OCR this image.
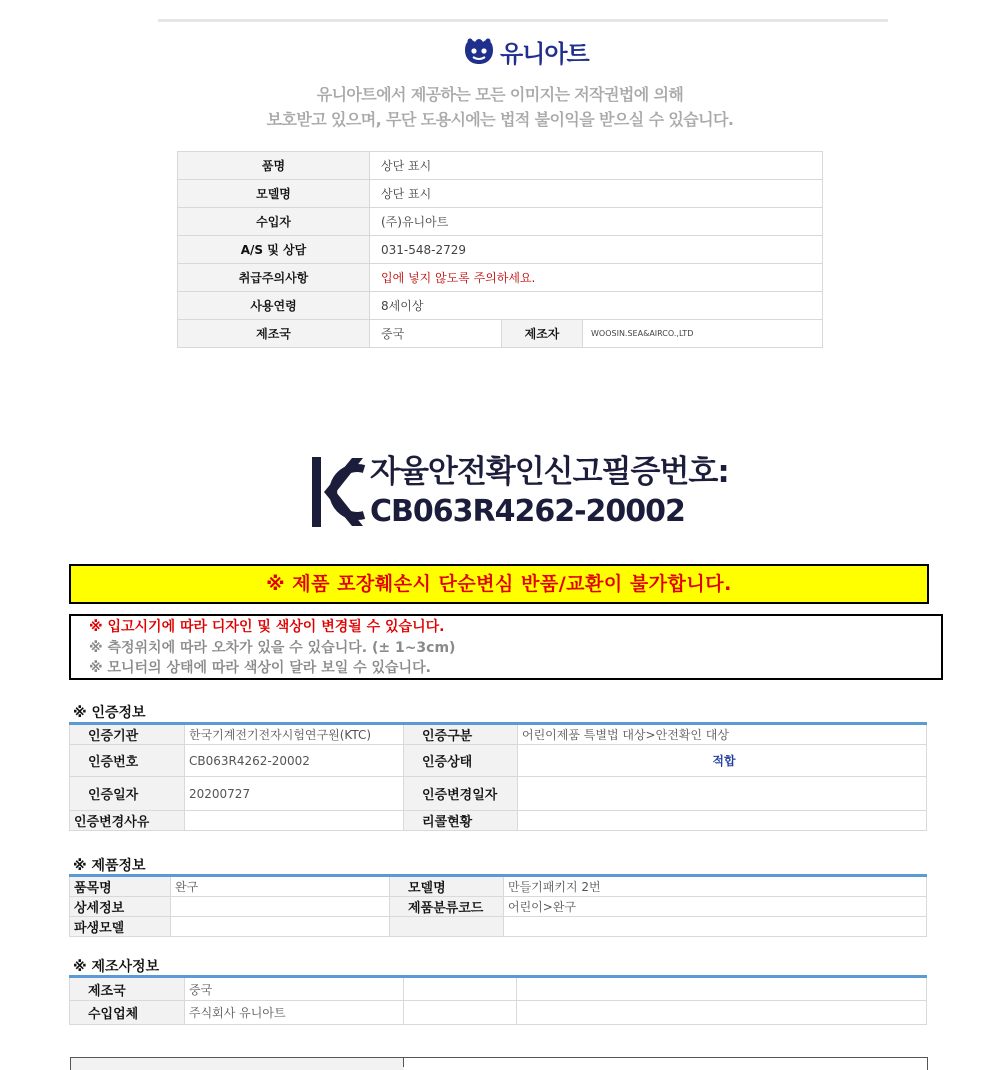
유니아트
유니아트에서 제공하는 모든 이미지는 저작권법에 의해
보호받고 있으며, 무단 도용시에는 법적 불이익을 받으실 수 있습니다.
품명	상단 표시		
모델명	상단 표시		
수입자	(주)유니아트		
A/S 및 상담	031-548-2729		
취급주의사항	입에 넣지 않도록 주의하세요.		
사용연령	8세이상		
제조국	중국	제조자	WOOSIN.SEA&AIRCO.,LTD
자율안전확인신고필증번호:
CB063R4262-20002
※ 제품 포장훼손시 단순변심 반품/교환이 불가합니다.
※ 입고시기에 따라 디자인 및 색상이 변경될 수 있습니다.
※ 측정위치에 따라 오차가 있을 수 있습니다. (± 1~3cm)
※ 모니터의 상태에 따라 색상이 달라 보일 수 있습니다.
※ 인증정보
인증기관	한국기계전기전자시험연구원(KTC)	인증구분	어린이제품 특별법 대상>안전확인 대상
인증번호	CB063R4262-20002	인증상태	적합
인증일자	20200727	인증변경일자	
인증변경사유		리콜현황	
※ 제품정보
품목명	완구	모델명	만들기패키지 2번
상세정보		제품분류코드	어린이>완구
파생모델			
※ 제조사정보
제조국	중국		
수입업체	주식회사 유니아트		
